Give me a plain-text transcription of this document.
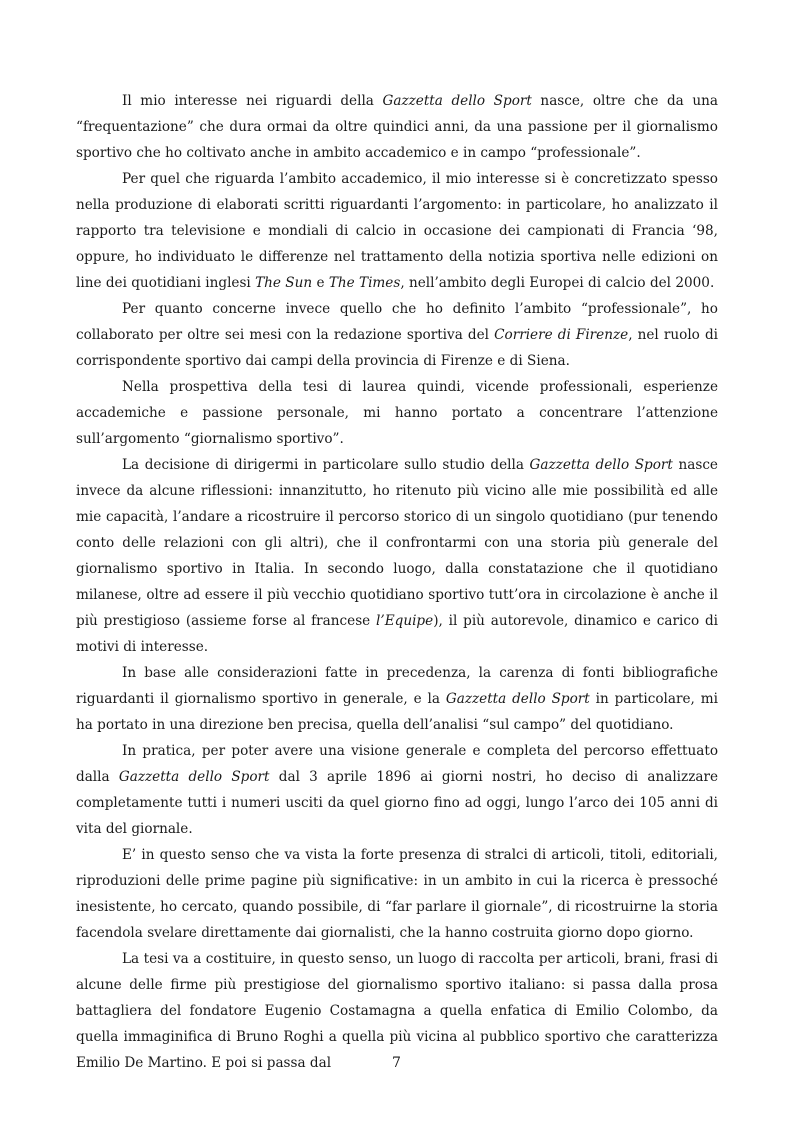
Il mio interesse nei riguardi della Gazzetta dello Sport nasce, oltre che da una “frequentazione” che dura ormai da oltre quindici anni, da una passione per il giornalismo sportivo che ho coltivato anche in ambito accademico e in campo “professionale”.

Per quel che riguarda l’ambito accademico, il mio interesse si è concretizzato spesso nella produzione di elaborati scritti riguardanti l’argomento: in particolare, ho analizzato il rapporto tra televisione e mondiali di calcio in occasione dei campionati di Francia ‘98, oppure, ho individuato le differenze nel trattamento della notizia sportiva nelle edizioni on line dei quotidiani inglesi The Sun e The Times, nell’ambito degli Europei di calcio del 2000.

Per quanto concerne invece quello che ho definito l’ambito “professionale”, ho collaborato per oltre sei mesi con la redazione sportiva del Corriere di Firenze, nel ruolo di corrispondente sportivo dai campi della provincia di Firenze e di Siena.

Nella prospettiva della tesi di laurea quindi, vicende professionali, esperienze accademiche e passione personale, mi hanno portato a concentrare l’attenzione sull’argomento “giornalismo sportivo”.

La decisione di dirigermi in particolare sullo studio della Gazzetta dello Sport nasce invece da alcune riflessioni: innanzitutto, ho ritenuto più vicino alle mie possibilità ed alle mie capacità, l’andare a ricostruire il percorso storico di un singolo quotidiano (pur tenendo conto delle relazioni con gli altri), che il confrontarmi con una storia più generale del giornalismo sportivo in Italia. In secondo luogo, dalla constatazione che il quotidiano milanese, oltre ad essere il più vecchio quotidiano sportivo tutt’ora in circolazione è anche il più prestigioso (assieme forse al francese l’Equipe), il più autorevole, dinamico e carico di motivi di interesse.

In base alle considerazioni fatte in precedenza, la carenza di fonti bibliografiche riguardanti il giornalismo sportivo in generale, e la Gazzetta dello Sport in particolare, mi ha portato in una direzione ben precisa, quella dell’analisi “sul campo” del quotidiano.

In pratica, per poter avere una visione generale e completa del percorso effettuato dalla Gazzetta dello Sport dal 3 aprile 1896 ai giorni nostri, ho deciso di analizzare completamente tutti i numeri usciti da quel giorno fino ad oggi, lungo l’arco dei 105 anni di vita del giornale.

E’ in questo senso che va vista la forte presenza di stralci di articoli, titoli, editoriali, riproduzioni delle prime pagine più significative: in un ambito in cui la ricerca è pressoché inesistente, ho cercato, quando possibile, di “far parlare il giornale”, di ricostruirne la storia facendola svelare direttamente dai giornalisti, che la hanno costruita giorno dopo giorno.

La tesi va a costituire, in questo senso, un luogo di raccolta per articoli, brani, frasi di alcune delle firme più prestigiose del giornalismo sportivo italiano: si passa dalla prosa battagliera del fondatore Eugenio Costamagna a quella enfatica di Emilio Colombo, da quella immaginifica di Bruno Roghi a quella più vicina al pubblico sportivo che caratterizza Emilio De Martino. E poi si passa dal	7
